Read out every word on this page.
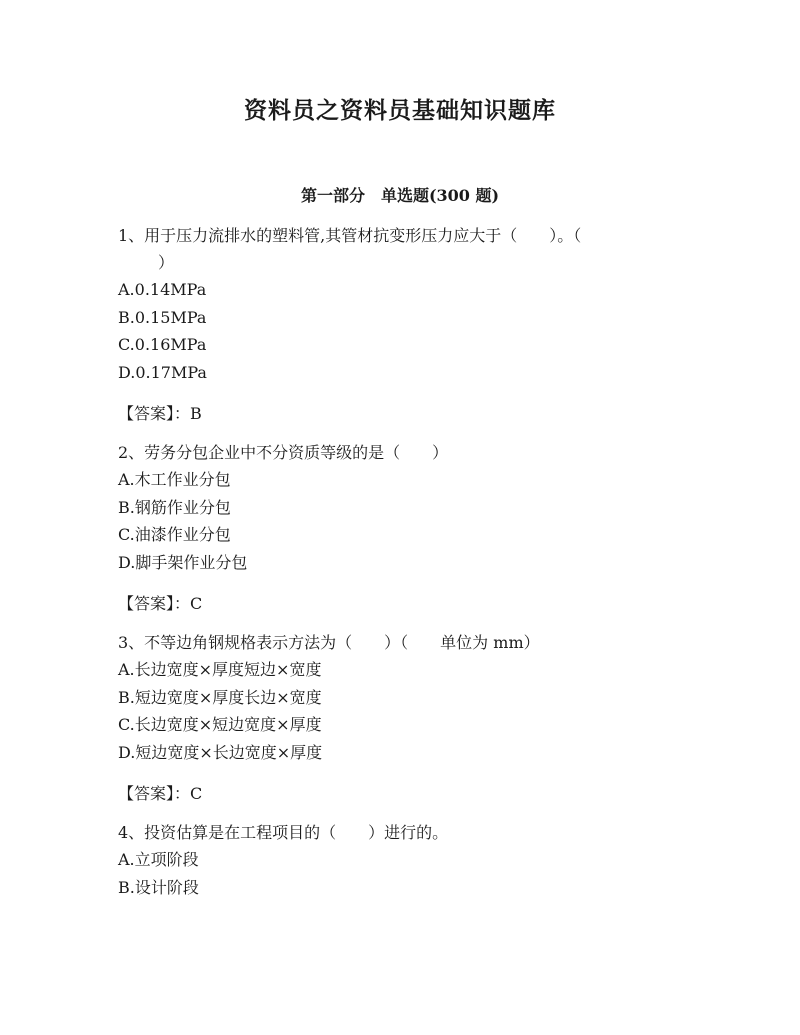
资料员之资料员基础知识题库
第一部分　单选题(300 题)
1、用于压力流排水的塑料管,其管材抗变形压力应大于（　　）。（
）
A.0.14MPa
B.0.15MPa
C.0.16MPa
D.0.17MPa
【答案】：B
2、劳务分包企业中不分资质等级的是（　　）
A.木工作业分包
B.钢筋作业分包
C.油漆作业分包
D.脚手架作业分包
【答案】：C
3、不等边角钢规格表示方法为（　　）（　　单位为 mm）
A.长边宽度×厚度短边×宽度
B.短边宽度×厚度长边×宽度
C.长边宽度×短边宽度×厚度
D.短边宽度×长边宽度×厚度
【答案】：C
4、投资估算是在工程项目的（　　）进行的。
A.立项阶段
B.设计阶段
